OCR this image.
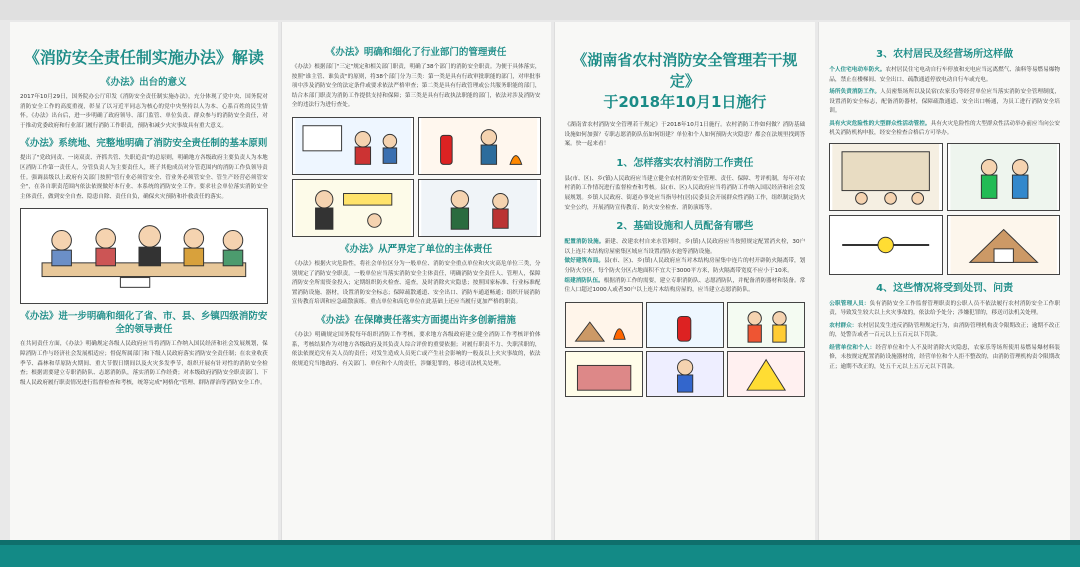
《消防安全责任制实施办法》解读
《办法》出台的意义
2017年10月29日，国务院办公厅印发《消防安全责任制实施办法》，充分体现了党中央、国务院对消防安全工作的高度重视，彰显了以习近平同志为核心的党中央坚持以人为本、心系百姓的民生情怀。《办法》出台后，进一步明确了政府领导、部门监管、单位负责、群众参与的消防安全责任，对于推动党委政府和行业部门履行消防工作职责，预防和减少火灾事故具有重大意义。
《办法》系统地、完整地明确了消防安全责任制的基本原则
提出了"党政同责、一岗双责、齐抓共管、失职追责"的总原则，明确地方各级政府主要负责人为本地区消防工作第一责任人，分管负责人为主要责任人，班子其他成员对分管范围内的消防工作负领导责任。强调县级以上政府有关部门按照"管行业必须管安全、管业务必须管安全、管生产经营必须管安全"，在各自职责范围内依法依规做好本行业、本系统的消防安全工作。要求社会单位落实消防安全主体责任，做到安全自查、隐患自除、责任自负，确保火灾预防和扑救责任的落实。
《办法》进一步明确和细化了省、市、县、乡镇四级消防安全的领导责任
在共同责任方面，《办法》明确规定各级人民政府应当将消防工作纳入国民经济和社会发展规划，保障消防工作与经济社会发展相适应；督促所属部门和下级人民政府落实消防安全责任制；在农业收获季节、森林和草原防火期间、重大节假日期间以及火灾多发季节，组织开展有针对性的消防安全检查；根据需要建立专职消防队、志愿消防队，落实消防工作经费；对本级政府消防安全职责部门、下级人民政府履行职责情况进行监督检查和考核，统筹完成"网格化"管理、群防群治等消防安全工作。
《办法》明确和细化了行业部门的管理责任
《办法》根据部门"三定"规定和相关部门职责，明确了38个部门的消防安全职责。为便于具体落实，按照"谁主管、谁负责"的原则，将38个部门分为三类：第一类是具有行政审批职能的部门，对审批事项中涉及消防安全的法定条件或要求依法严格审查；第二类是具有行政管理或公共服务职能的部门，结合本部门职责为消防工作提供支持和保障；第三类是具有行政执法职能的部门，依法对涉及消防安全的违法行为进行查处。
《办法》从严界定了单位的主体责任
《办法》根据火灾危险性，将社会单位区分为一般单位、消防安全重点单位和火灾高危单位三类，分别规定了消防安全职责。一般单位应当落实消防安全主体责任，明确消防安全责任人、管理人，保障消防安全所需资金投入；定期组织防火检查、巡查，及时消除火灾隐患；按照国家标准、行业标准配置消防设施、器材，设置消防安全标志；保障疏散通道、安全出口、消防车通道畅通；组织开展消防宣传教育培训和应急疏散演练。重点单位和高危单位在此基础上还应当履行更加严格的职责。
《办法》在保障责任落实方面提出许多创新措施
《办法》明确规定国务院每年组织消防工作考核，要求地方各级政府建立健全消防工作考核评价体系，考核结果作为对地方各级政府及其负责人综合评价的重要依据；对履行职责不力、失职渎职的，依法依规追究有关人员的责任；对发生造成人员死亡或产生社会影响的一般及以上火灾事故的，依法依规追究当地政府、有关部门、单位和个人的责任，涉嫌犯罪的，移送司法机关处理。
《湖南省农村消防安全管理若干规定》
于2018年10月1日施行
《湖南省农村消防安全管理若干规定》于2018年10月1日施行。农村消防工作如何做？消防基础设施如何加强？专职志愿消防队伍如何组建？单位和个人如何预防火灾隐患？都会在法规里找到答案。快一起来看！
1、怎样落实农村消防工作责任
县(市、区)、乡(镇)人民政府应当建立健全农村消防安全管理、责任、保障、考评机制，每年对农村消防工作情况进行监督检查和考核。县(市、区)人民政府应当将消防工作纳入国民经济和社会发展规划。乡镇人民政府、街道办事处应当指导村(居)民委员会开展群众性消防工作，组织制定防火安全公约，开展消防宣传教育、防火安全检查、消防演练等。
2、基础设施和人员配备有哪些
配置消防设施。新建、改建农村自来水管网时，乡(镇)人民政府应当按照规定配置消火栓，30户以上连片木结构房屋密集区域应当设置消防水池等消防设施。
做好建筑布局。县(市、区)、乡(镇)人民政府应当对木结构房屋集中连片的村开辟防火隔离带，划分防火分区，每个防火分区占地面积不宜大于3000平方米，防火隔离带宽度不应小于10米。
组建消防队伍。根据消防工作的需要，建立专职消防队、志愿消防队，并配备消防器材和装备。常住人口超过1000人或者30户以上连片木结构房屋的，应当建立志愿消防队。
3、农村居民及经营场所这样做
个人住宅电动车防火。农村居民住宅电动自行车停放和充电应当远离燃气、油料等易燃易爆物品，禁止在楼梯间、安全出口、疏散通道停放电动自行车或充电。
场所负责消防工作。人员密集场所以及民宿(农家乐)等经营单位应当落实消防安全管理制度，设置消防安全标志，配备消防器材，保障疏散通道、安全出口畅通，为员工进行消防安全培训。
具有火灾危险性的大型群众性活动管控。具有火灾危险性的大型群众性活动举办前应当向公安机关消防机构申报，经安全检查合格后方可举办。
4、这些情况将受到处罚、问责
公职管理人员：负有消防安全工作监督管理职责的公职人员不依法履行农村消防安全工作职责，导致发生较大以上火灾事故的，依法给予处分；涉嫌犯罪的，移送司法机关处理。
农村群众：农村居民发生违反消防管理规定行为，由消防管理机构责令限期改正；逾期不改正的，处警告或者一百元以上五百元以下罚款。
经营单位和个人：经营单位和个人不及时消除火灾隐患，农家乐等场所使用易燃易爆材料装修，未按规定配置消防设施器材的，经营单位和个人拒不整改的，由消防管理机构责令限期改正；逾期不改正的，处五千元以上五万元以下罚款。
